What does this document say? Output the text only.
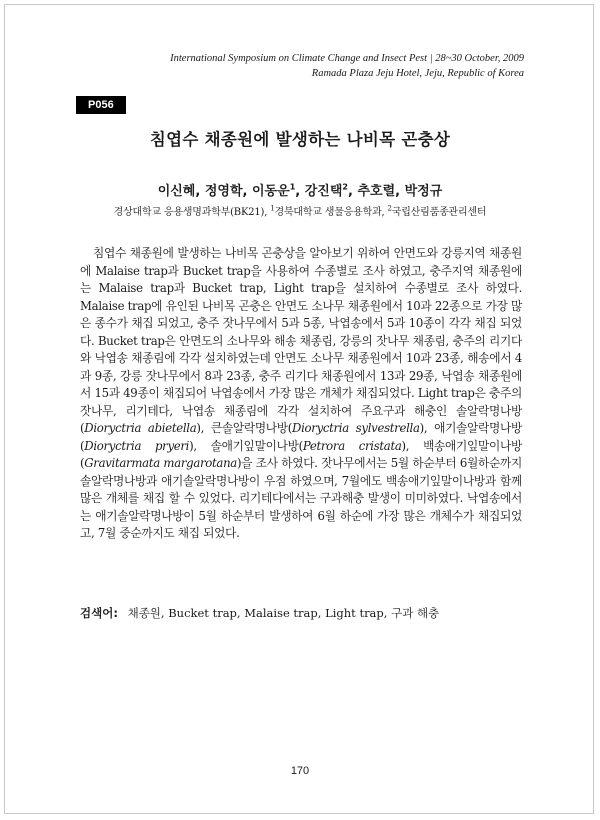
International Symposium on Climate Change and Insect Pest | 28~30 October, 2009
Ramada Plaza Jeju Hotel, Jeju, Republic of Korea
P056
침엽수 채종원에 발생하는 나비목 곤충상
이신혜, 정영학, 이동운$^1$, 강진택$^2$, 추호렬, 박정규
경상대학교 응용생명과학부(BK21), $^1$경북대학교 생물응용학과, $^2$국립산림품종관리센터

침엽수 채종원에 발생하는 나비목 곤충상을 알아보기 위하여 안면도와 강릉지역 채종원에 Malaise trap과 Bucket trap을 사용하여 수종별로 조사 하였고, 충주지역 채종원에는 Malaise trap과 Bucket trap, Light trap을 설치하여 수종별로 조사 하였다. Malaise trap에 유인된 나비목 곤충은 안면도 소나무 채종원에서 10과 22종으로 가장 많은 종수가 채집 되었고, 충주 잣나무에서 5과 5종, 낙엽송에서 5과 10종이 각각 채집 되었다. Bucket trap은 안면도의 소나무와 해송 채종림, 강릉의 잣나무 채종림, 충주의 리기다와 낙엽송 채종림에 각각 설치하였는데 안면도 소나무 채종원에서 10과 23종, 해송에서 4과 9종, 강릉 잣나무에서 8과 23종, 충주 리기다 채종원에서 13과 29종, 낙엽송 채종원에서 15과 49종이 채집되어 낙엽송에서 가장 많은 개체가 채집되었다. Light trap은 충주의 잣나무, 리기테다, 낙엽송 채종림에 각각 설치하여 주요구과 해충인 솔알락명나방(Dioryctria abietella), 큰솔알락명나방(Dioryctria sylvestrella), 애기솔알락명나방(Dioryctria pryeri), 솔애기잎말이나방(Petrora cristata), 백송애기잎말이나방(Gravitarmata margarotana)을 조사 하였다. 잣나무에서는 5월 하순부터 6월하순까지 솔알락명나방과 애기솔알락명나방이 우점 하였으며, 7월에도 백송애기잎말이나방과 함께 많은 개체를 채집 할 수 있었다. 리기테다에서는 구과해충 발생이 미미하였다. 낙엽송에서는 애기솔알락명나방이 5월 하순부터 발생하여 6월 하순에 가장 많은 개체수가 채집되었고, 7월 중순까지도 채집 되었다.

검색어: 채종원, Bucket trap, Malaise trap, Light trap, 구과 해충
170
